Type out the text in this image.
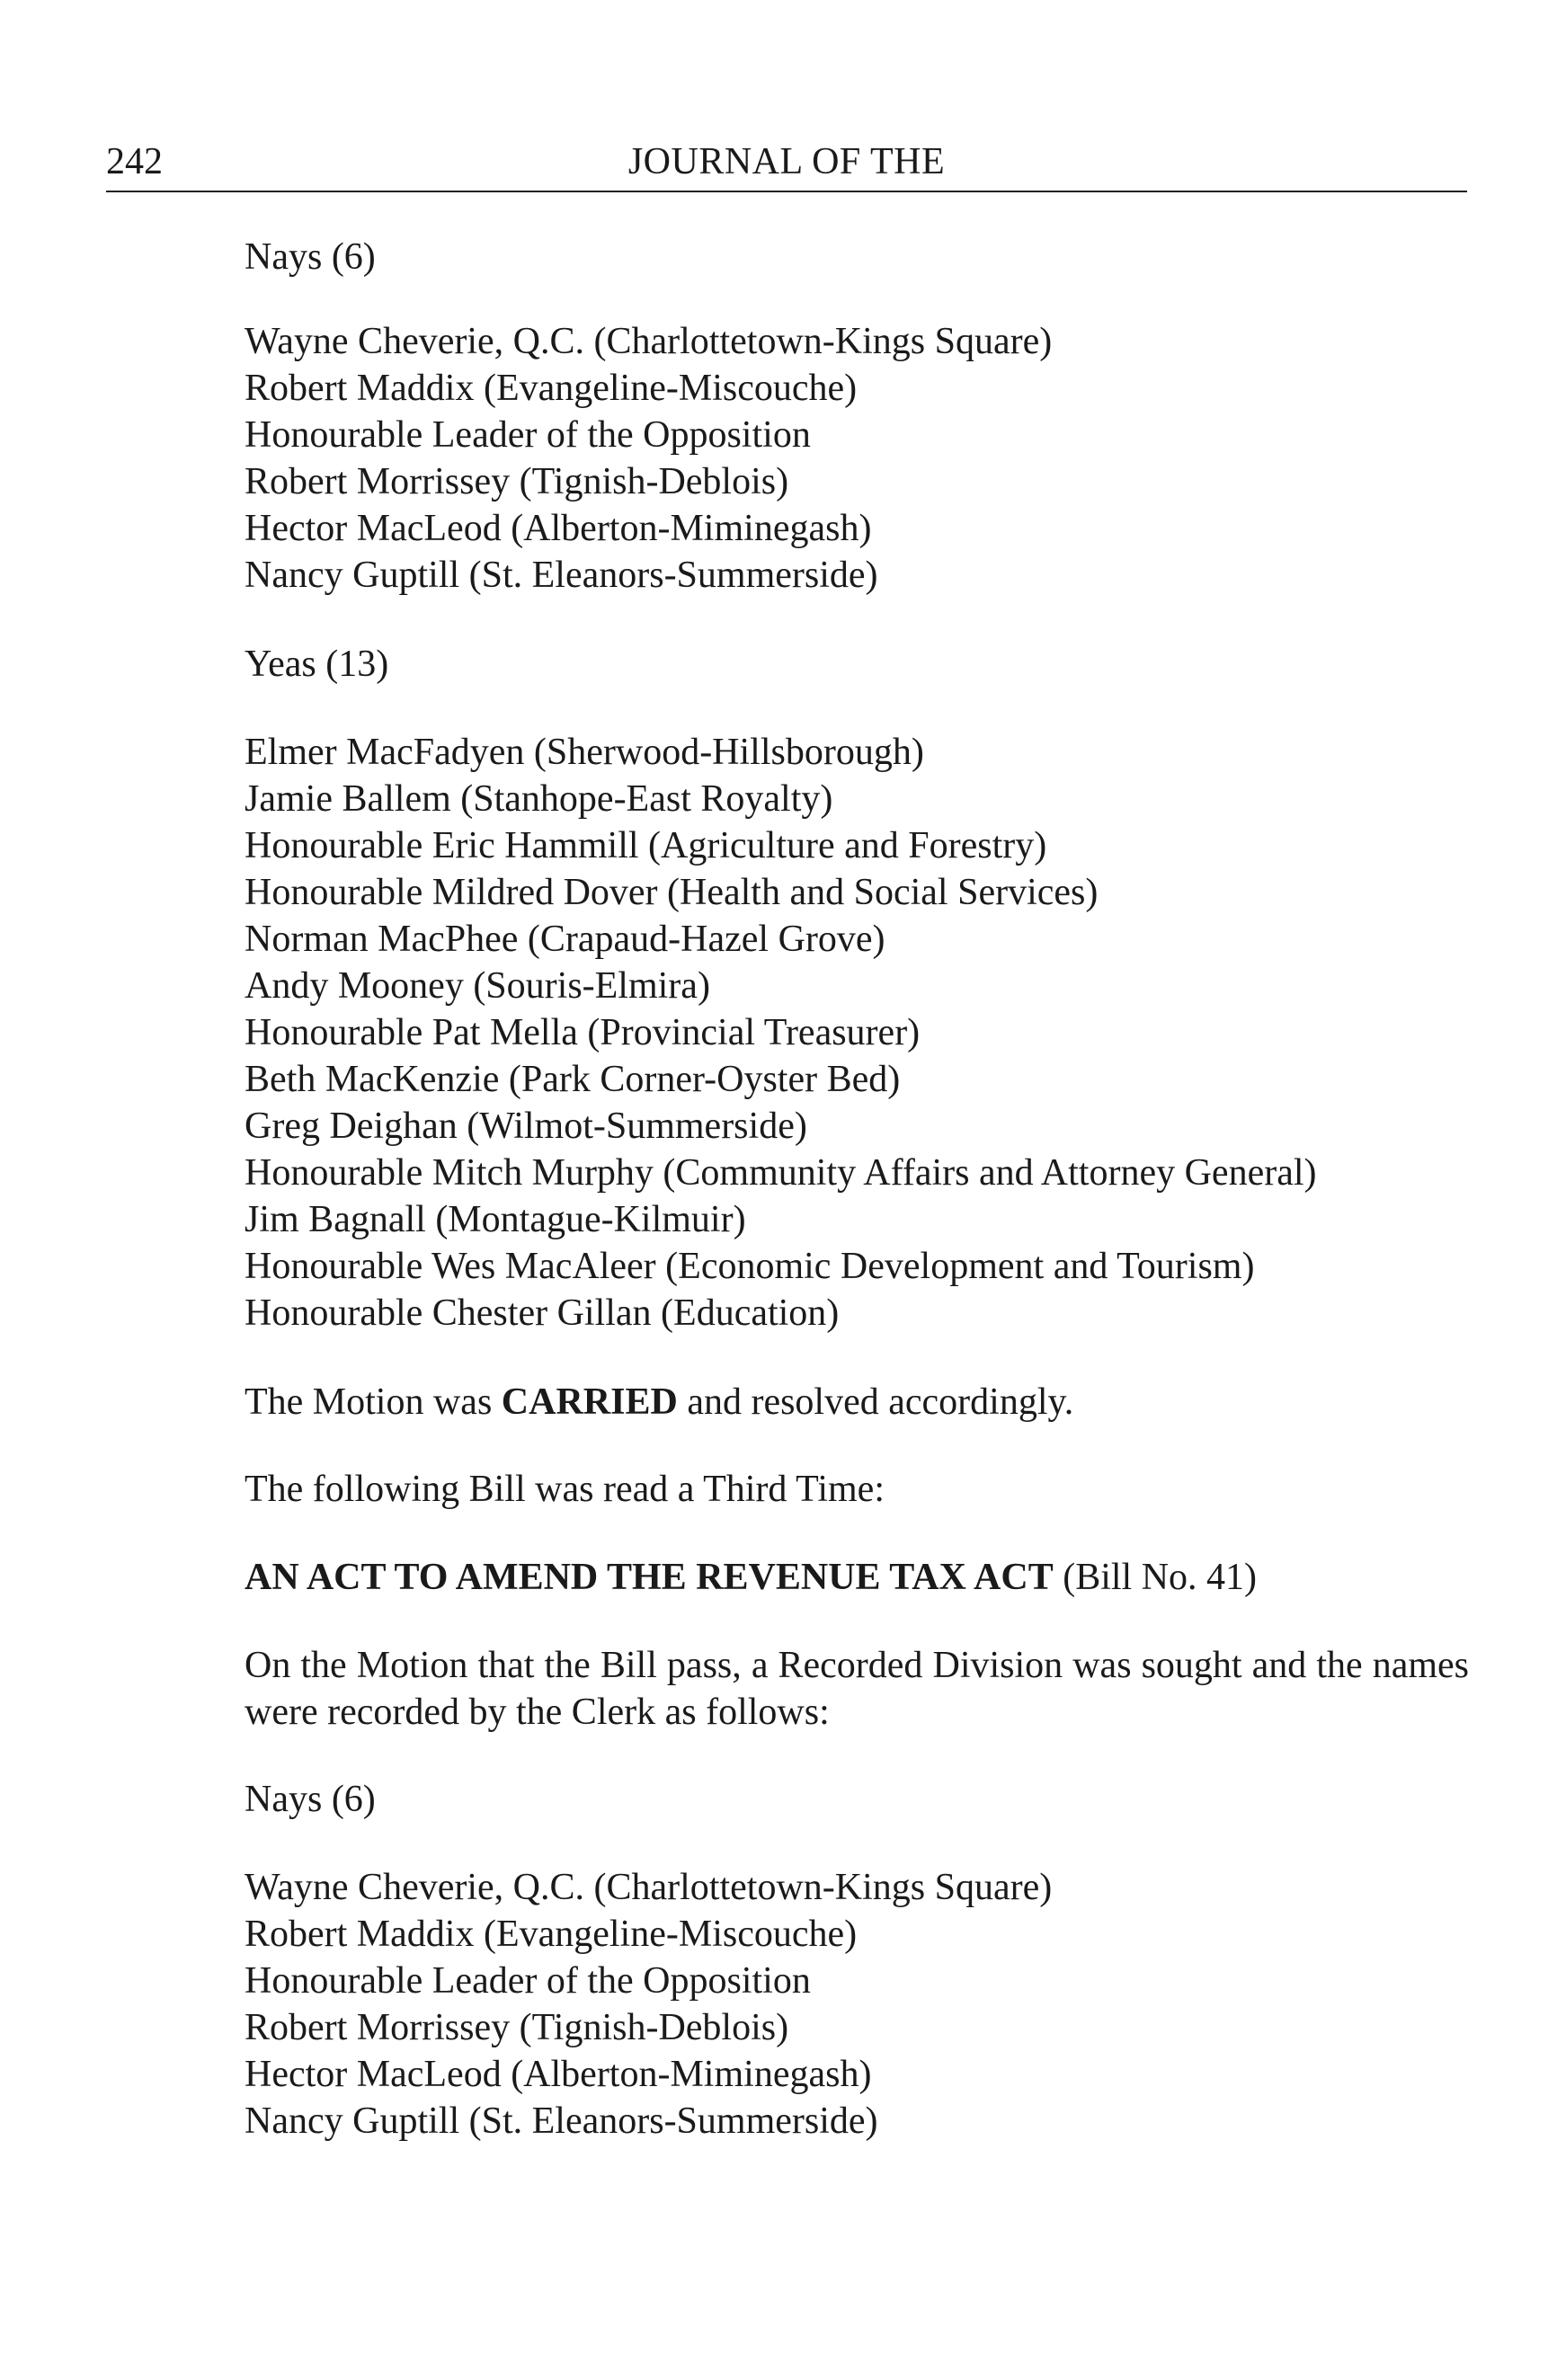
242	JOURNAL OF THE

Nays (6)

Wayne Cheverie, Q.C. (Charlottetown-Kings Square)
Robert Maddix (Evangeline-Miscouche)
Honourable Leader of the Opposition
Robert Morrissey (Tignish-Deblois)
Hector MacLeod (Alberton-Miminegash)
Nancy Guptill (St. Eleanors-Summerside)

Yeas (13)

Elmer MacFadyen (Sherwood-Hillsborough)
Jamie Ballem (Stanhope-East Royalty)
Honourable Eric Hammill (Agriculture and Forestry)
Honourable Mildred Dover (Health and Social Services)
Norman MacPhee (Crapaud-Hazel Grove)
Andy Mooney (Souris-Elmira)
Honourable Pat Mella (Provincial Treasurer)
Beth MacKenzie (Park Corner-Oyster Bed)
Greg Deighan (Wilmot-Summerside)
Honourable Mitch Murphy (Community Affairs and Attorney General)
Jim Bagnall (Montague-Kilmuir)
Honourable Wes MacAleer (Economic Development and Tourism)
Honourable Chester Gillan (Education)

The Motion was CARRIED and resolved accordingly.

The following Bill was read a Third Time:

AN ACT TO AMEND THE REVENUE TAX ACT (Bill No. 41)

On the Motion that the Bill pass, a Recorded Division was sought and the names were recorded by the Clerk as follows:

Nays (6)

Wayne Cheverie, Q.C. (Charlottetown-Kings Square)
Robert Maddix (Evangeline-Miscouche)
Honourable Leader of the Opposition
Robert Morrissey (Tignish-Deblois)
Hector MacLeod (Alberton-Miminegash)
Nancy Guptill (St. Eleanors-Summerside)
